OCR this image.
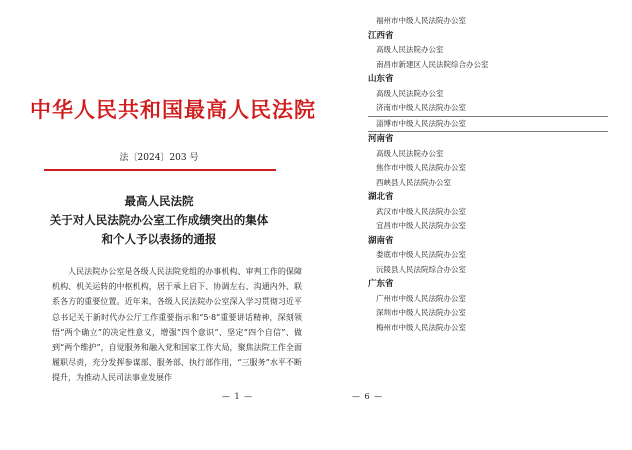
中华人民共和国最高人民法院
法〔2024〕203 号
最高人民法院
关于对人民法院办公室工作成绩突出的集体
和个人予以表扬的通报

人民法院办公室是各级人民法院党组的办事机构、审判工作的保障机构、机关运转的中枢机构，居于承上启下、协调左右、沟通内外、联系各方的重要位置。近年来，各级人民法院办公室深入学习贯彻习近平总书记关于新时代办公厅工作重要指示和“5·8”重要讲话精神，深刻领悟“两个确立”的决定性意义，增强“四个意识”、坚定“四个自信”、做到“两个维护”，自觉服务和融入党和国家工作大局，聚焦法院工作全面履职尽责，充分发挥参谋部、服务部、执行部作用，“三服务”水平不断提升，为推动人民司法事业发展作

— 1 —
福州市中级人民法院办公室
江西省
高级人民法院办公室
南昌市新建区人民法院综合办公室
山东省
高级人民法院办公室
济南市中级人民法院办公室
淄博市中级人民法院办公室
河南省
高级人民法院办公室
焦作市中级人民法院办公室
西峡县人民法院办公室
湖北省
武汉市中级人民法院办公室
宜昌市中级人民法院办公室
湖南省
娄底市中级人民法院办公室
沅陵县人民法院综合办公室
广东省
广州市中级人民法院办公室
深圳市中级人民法院办公室
梅州市中级人民法院办公室
— 6 —
